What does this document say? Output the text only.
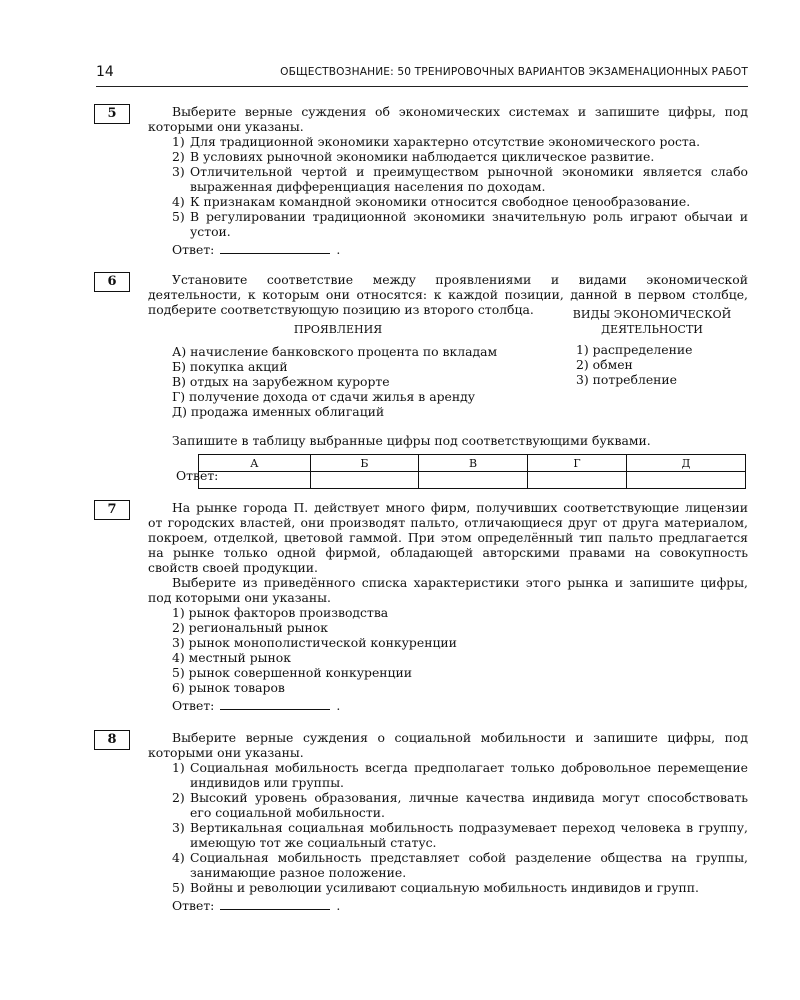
14	ОБЩЕСТВОЗНАНИЕ: 50 ТРЕНИРОВОЧНЫХ ВАРИАНТОВ ЭКЗАМЕНАЦИОННЫХ РАБОТ
5	Выберите верные суждения об экономических системах и запишите цифры, под которыми они указаны.

1) Для традиционной экономики характерно отсутствие экономического роста.
2) В условиях рыночной экономики наблюдается циклическое развитие.
3) Отличительной чертой и преимуществом рыночной экономики является слабо выраженная дифференциация населения по доходам.
4) К признакам командной экономики относится свободное ценообразование.
5) В регулировании традиционной экономики значительную роль играют обычаи и устои.
Ответ:	.
6	Установите соответствие между проявлениями и видами экономической деятельности, к которым они относятся: к каждой позиции, данной в первом столбце, подберите соответствующую позицию из второго столбца.

ПРОЯВЛЕНИЯ
А) начисление банковского процента по вкладам
Б) покупка акций
В) отдых на зарубежном курорте
Г) получение дохода от сдачи жилья в аренду
Д) продажа именных облигаций
ВИДЫ ЭКОНОМИЧЕСКОЙ
ДЕЯТЕЛЬНОСТИ
1) распределение
2) обмен
3) потребление

Запишите в таблицу выбранные цифры под соответствующими буквами.

Ответ:
А	Б	В	Г	Д

7	На рынке города П. действует много фирм, получивших соответствующие лицензии от городских властей, они производят пальто, отличающиеся друг от друга материалом, покроем, отделкой, цветовой гаммой. При этом определённый тип пальто предлагается на рынке только одной фирмой, обладающей авторскими правами на совокупность свойств своей продукции.

Выберите из приведённого списка характеристики этого рынка и запишите цифры, под которыми они указаны.

1) рынок факторов производства
2) региональный рынок
3) рынок монополистической конкуренции
4) местный рынок
5) рынок совершенной конкуренции
6) рынок товаров
Ответ:	.
8	Выберите верные суждения о социальной мобильности и запишите цифры, под которыми они указаны.

1) Социальная мобильность всегда предполагает только добровольное перемещение индивидов или группы.
2) Высокий уровень образования, личные качества индивида могут способствовать его социальной мобильности.
3) Вертикальная социальная мобильность подразумевает переход человека в группу, имеющую тот же социальный статус.
4) Социальная мобильность представляет собой разделение общества на группы, занимающие разное положение.
5) Войны и революции усиливают социальную мобильность индивидов и групп.
Ответ:	.
